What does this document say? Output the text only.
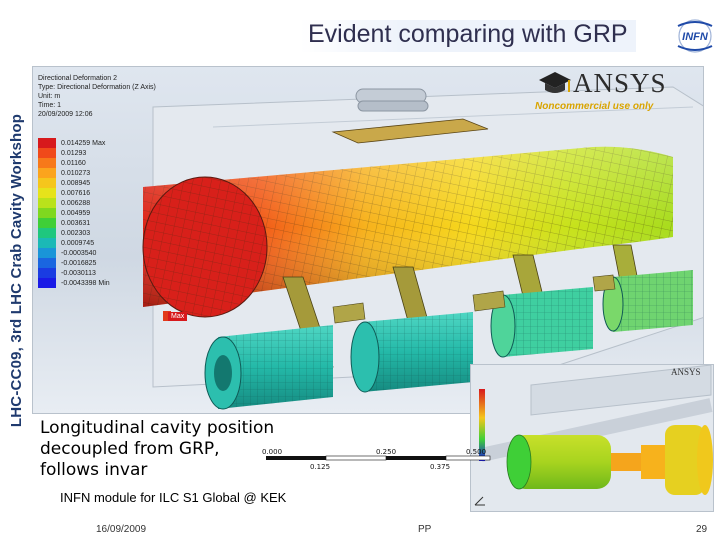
LHC-CC09, 3rd LHC Crab Cavity Workshop
Evident comparing with GRP	INFN
Directional Deformation 2
Type: Directional Deformation (Z Axis)
Unit: m
Time: 1
20/09/2009 12:06
0.014259 Max
0.01293
0.01160
0.010273
0.008945
0.007616
0.006288
0.004959
0.003631
0.002303
0.0009745
-0.0003540
-0.0016825
-0.0030113
-0.0043398 Min
Max
ANSYS
Noncommercial use only
ANSYS
Longitudinal cavity position
decoupled from GRP,
follows invar
0.000	0.250	0.500
0.125	0.375
INFN module for ILC S1 Global @ KEK
16/09/2009	PP	29
